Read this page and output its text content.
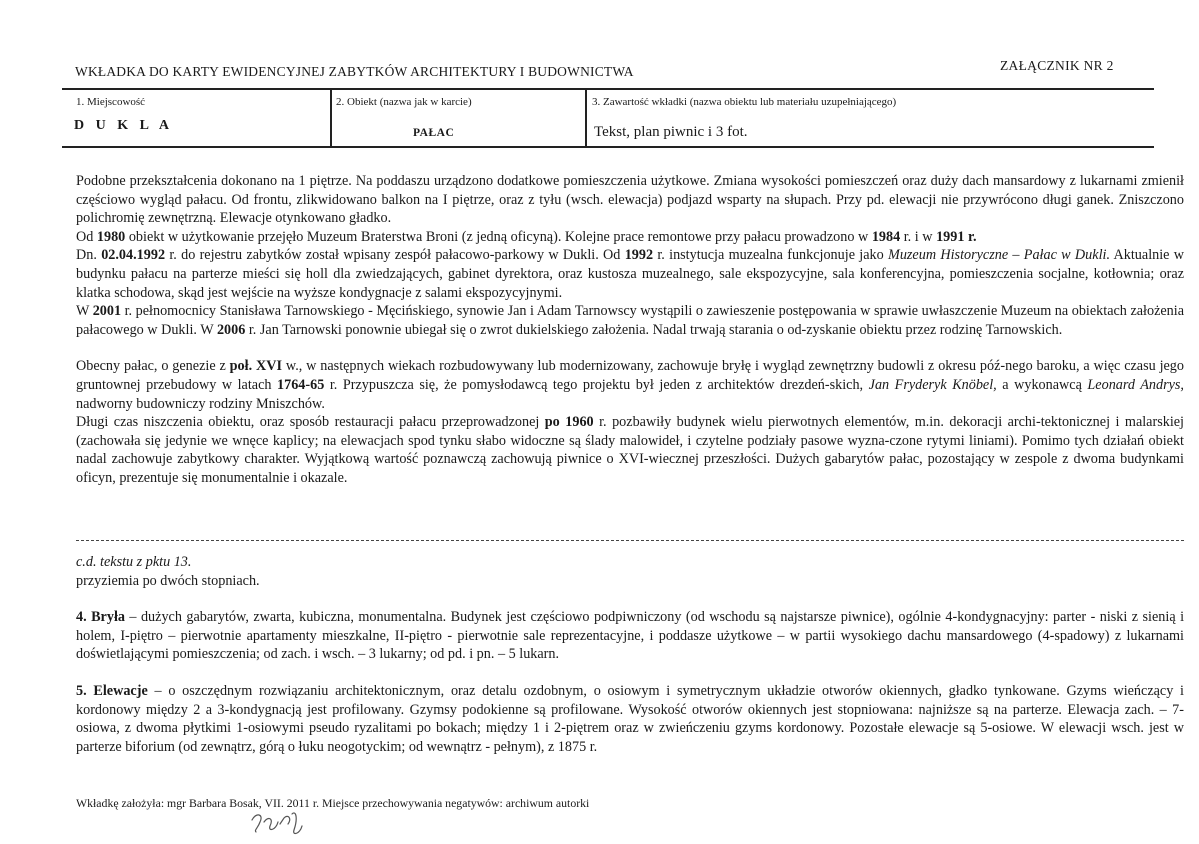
WKŁADKA DO KARTY EWIDENCYJNEJ ZABYTKÓW ARCHITEKTURY I BUDOWNICTWA	ZAŁĄCZNIK NR 2
1. Miejscowość
D U K L A
2. Obiekt (nazwa jak w karcie)
PAŁAC
3. Zawartość wkładki (nazwa obiektu lub materiału uzupełniającego)
Tekst, plan piwnic i 3 fot.

Podobne przekształcenia dokonano na 1 piętrze. Na poddaszu urządzono dodatkowe pomieszczenia użytkowe. Zmiana wysokości pomieszczeń oraz duży dach mansardowy z lukarnami zmienił częściowo wygląd pałacu. Od frontu, zlikwidowano balkon na I piętrze, oraz z tyłu (wsch. elewacja) podjazd wsparty na słupach. Przy pd. elewacji nie przywrócono długi ganek. Zniszczono polichromię zewnętrzną. Elewacje otynkowano gładko.

Od 1980 obiekt w użytkowanie przejęło Muzeum Braterstwa Broni (z jedną oficyną). Kolejne prace remontowe przy pałacu prowadzono w 1984 r. i w 1991 r.

Dn. 02.04.1992 r. do rejestru zabytków został wpisany zespół pałacowo-parkowy w Dukli. Od 1992 r. instytucja muzealna funkcjonuje jako Muzeum Historyczne – Pałac w Dukli. Aktualnie w budynku pałacu na parterze mieści się holl dla zwiedzających, gabinet dyrektora, oraz kustosza muzealnego, sale ekspozycyjne, sala konferencyjna, pomieszczenia socjalne, kotłownia; oraz klatka schodowa, skąd jest wejście na wyższe kondygnacje z salami ekspozycyjnymi.

W 2001 r. pełnomocnicy Stanisława Tarnowskiego - Męcińskiego, synowie Jan i Adam Tarnowscy wystąpili o zawieszenie postępowania w sprawie uwłaszczenie Muzeum na obiektach założenia pałacowego w Dukli. W 2006 r. Jan Tarnowski ponownie ubiegał się o zwrot dukielskiego założenia. Nadal trwają starania o od-zyskanie obiektu przez rodzinę Tarnowskich.

Obecny pałac, o genezie z poł. XVI w., w następnych wiekach rozbudowywany lub modernizowany, zachowuje bryłę i wygląd zewnętrzny budowli z okresu póź-nego baroku, a więc czasu jego gruntownej przebudowy w latach 1764-65 r. Przypuszcza się, że pomysłodawcą tego projektu był jeden z architektów drezdeń-skich, Jan Fryderyk Knöbel, a wykonawcą Leonard Andrys, nadworny budowniczy rodziny Mniszchów.

Długi czas niszczenia obiektu, oraz sposób restauracji pałacu przeprowadzonej po 1960 r. pozbawiły budynek wielu pierwotnych elementów, m.in. dekoracji archi-tektonicznej i malarskiej (zachowała się jedynie we wnęce kaplicy; na elewacjach spod tynku słabo widoczne są ślady malowideł, i czytelne podziały pasowe wyzna-czone rytymi liniami). Pomimo tych działań obiekt nadal zachowuje zabytkowy charakter. Wyjątkową wartość poznawczą zachowują piwnice o XVI-wiecznej przeszłości. Dużych gabarytów pałac, pozostający w zespole z dwoma budynkami oficyn, prezentuje się monumentalnie i okazale.

c.d. tekstu z pktu 13.

przyziemia po dwóch stopniach.

4. Bryła – dużych gabarytów, zwarta, kubiczna, monumentalna. Budynek jest częściowo podpiwniczony (od wschodu są najstarsze piwnice), ogólnie 4-kondygnacyjny: parter - niski z sienią i holem, I-piętro – pierwotnie apartamenty mieszkalne, II-piętro - pierwotnie sale reprezentacyjne, i poddasze użytkowe – w partii wysokiego dachu mansardowego (4-spadowy) z lukarnami doświetlającymi pomieszczenia; od zach. i wsch. – 3 lukarny; od pd. i pn. – 5 lukarn.

5. Elewacje – o oszczędnym rozwiązaniu architektonicznym, oraz detalu ozdobnym, o osiowym i symetrycznym układzie otworów okiennych, gładko tynkowane. Gzyms wieńczący i kordonowy między 2 a 3-kondygnacją jest profilowany. Gzymsy podokienne są profilowane. Wysokość otworów okiennych jest stopniowana: najniższe są na parterze. Elewacja zach. – 7-osiowa, z dwoma płytkimi 1-osiowymi pseudo ryzalitami po bokach; między 1 i 2-piętrem oraz w zwieńczeniu gzyms kordonowy. Pozostałe elewacje są 5-osiowe. W elewacji wsch. jest w parterze biforium (od zewnątrz, górą o łuku neogotyckim; od wewnątrz - pełnym), z 1875 r.

Wkładkę założyła: mgr Barbara Bosak, VII. 2011 r. Miejsce przechowywania negatywów: archiwum autorki
